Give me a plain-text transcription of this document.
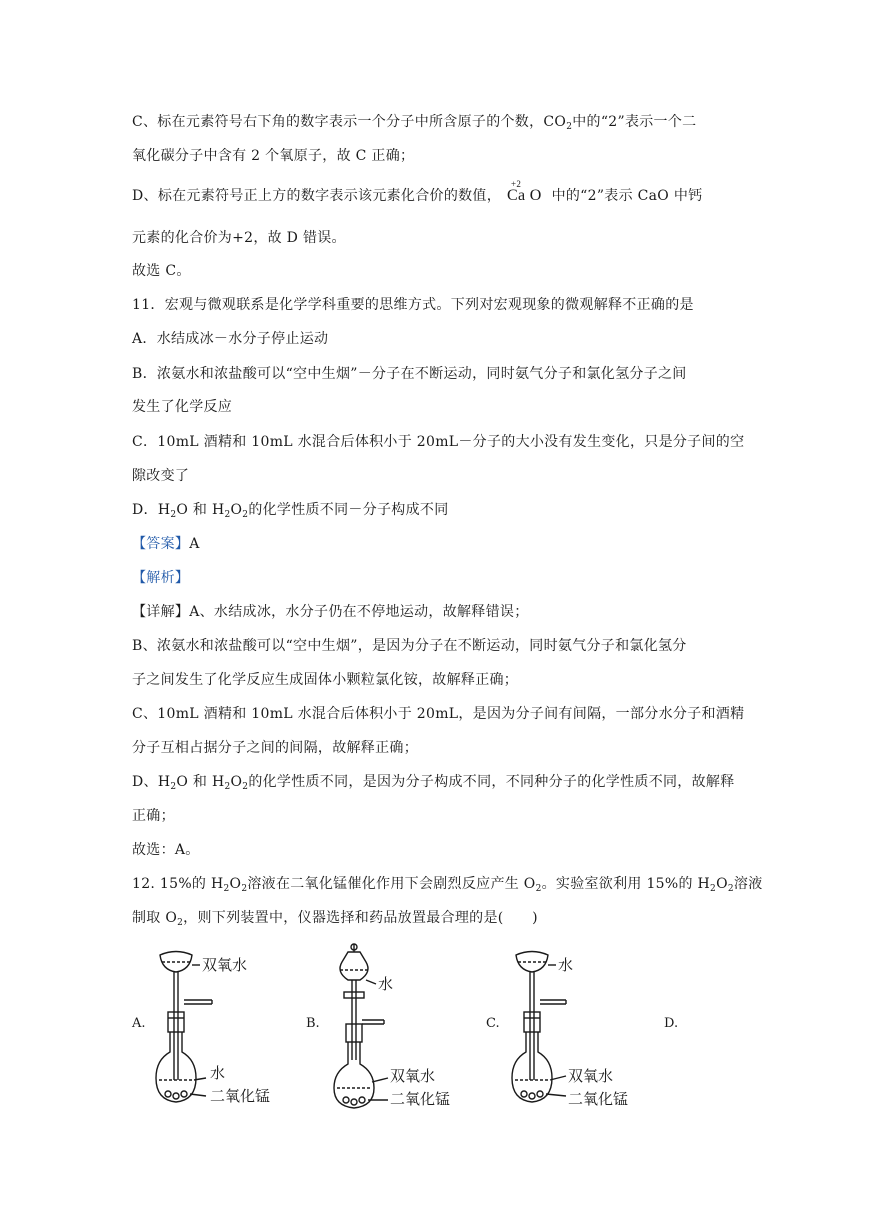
C、标在元素符号右下角的数字表示一个分子中所含原子的个数，$CO_2$中的“2”表示一个二
氧化碳分子中含有 2 个氧原子，故 C 正确；
D、标在元素符号正上方的数字表示该元素化合价的数值，
+2
Ca O 中的“2”表示 CaO 中钙
元素的化合价为+2，故 D 错误。
故选 C。
11．宏观与微观联系是化学学科重要的思维方式。下列对宏观现象的微观解释不正确的是
A．水结成冰－水分子停止运动
B．浓氨水和浓盐酸可以“空中生烟”－分子在不断运动，同时氨气分子和氯化氢分子之间
发生了化学反应
C．10mL 酒精和 10mL 水混合后体积小于 20mL－分子的大小没有发生变化，只是分子间的空
隙改变了
D．$H_2O$ 和 $H_2O_2$的化学性质不同－分子构成不同
【答案】A
【解析】
【详解】A、水结成冰，水分子仍在不停地运动，故解释错误；
B、浓氨水和浓盐酸可以“空中生烟”，是因为分子在不断运动，同时氨气分子和氯化氢分
子之间发生了化学反应生成固体小颗粒氯化铵，故解释正确；
C、10mL 酒精和 10mL 水混合后体积小于 20mL，是因为分子间有间隔，一部分水分子和酒精
分子互相占据分子之间的间隔，故解释正确；
D、$H_2O$ 和 $H_2O_2$的化学性质不同，是因为分子构成不同，不同种分子的化学性质不同，故解释
正确；
故选：A。
12. 15%的 $H_2O_2$溶液在二氧化锰催化作用下会剧烈反应产生 $O_2$。实验室欲利用 15%的 $H_2O_2$溶液
制取 $O_2$，则下列装置中，仪器选择和药品放置最合理的是(　　)
A.	B.	C.	D.
双氧水
水
二氧化锰
水
双氧水
二氧化锰
水
双氧水
二氧化锰
